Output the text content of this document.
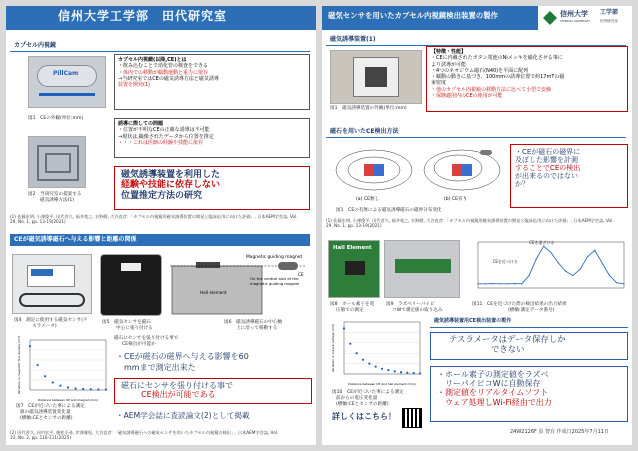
信州大学工学部　田代研究室
カプセル内視鏡
PillCam
図1　CEの外観(単位:mm)
カプセル内視鏡(以降,CE)とは
・飲み込むことで消化管の検査をできる
・体内での移動が蠕動運動と重力に依存
→当研究室ではCEの磁気誘導方法と磁気誘導
装置を開発(1)
図2　当研究室の提案する
磁気誘導方法(1)
誘導に際しての問題
・位置が不明なCEの正確な誘導は不可能
→現状は,撮像されたデータから位置を推定
・・・これは医師の経験や技能に依存
磁気誘導装置を利用した
経験や技能に依存しない
位置推定方法の研究
(1) 佐藤宏明, 小澤俊平, 田代晋久, 福井竜之, 水野健, 大谷直彦：「カプセル内視鏡用磁気誘導装置の開発と臨床応用に向けた評価」, 日本AEM学会誌, Vol.
29, No. 1, pp. 13-19(2021)
CEが磁気誘導磁石へ与える影響と距離の関係
図4　測定に使用する磁気センサ(テ
スラメータ)
図5　磁気センサを磁石
中心に張り付ける
Magnetic guiding magnet
On the central axis of the
magnetic guiding magnet
Hall element
CE
図6　磁気誘導磁石の中心軸
上に沿って移動する
Distance between CE and magnet (mm)
Variation in magnetic flux density (mT)
図7　CEが近づいた事による測定
値の磁気誘導装置変化量
(横軸:CEとセンサの距離)
磁石にセンサを張り付ける事で
CE検出が可能か
・CEが磁石の磁界へ与える影響を60
mmまで測定出来た
磁石にセンサを張り付ける事で
CE検出が可能である
・AEM学会誌に査読論文(2)として掲載
(2) 田代晋久, 河内宏平, 植松千尋, 岸澤雅紀, 大谷直彦：「磁気誘導磁石への磁気センサを用いたカプセル内視鏡の検出」, 日本AEM学会誌, Vol.
33, No. 2, pp. 116-111(2025)
磁気センサを用いたカプセル内視鏡検出装置の製作	信州大学
SHINSHU UNIVERSITY
工学部
信州研究室
磁気誘導装置(1)
図1　磁気誘導装置の外観(単位:mm)
【特徴・性能】
・CEに内蔵されたボタン電池のNiメッキを磁化させる事に
より誘導が可能
・4つのネオジウム磁石(N40)を平面に配列
・蠕動の動きに基づき、100mmの誘導位置で約17mTの磁
束密度
・他のカプセル内視鏡の移動方法に比べて小型で安価
・保険適用内のCEの使用が可能
磁石を用いたCE検出方法
(a) CE無し	(b) CE有り
図1　CEの有無による磁気誘導磁石の磁界分布変化
・CEが磁石の磁界に
及ぼした影響を計測
することでCEの検出
が出来るのではない
か？
(1) 佐藤宏明, 小澤俊平, 田代晋久, 福井竜之, 水野健, 大谷直彦：「カプセル内視鏡用磁気誘導装置の開発と臨床応用に向けた評価」, 日本AEM学会誌, Vol.
29, No. 1, pp. 13-19(2021)
Hall Element
図8　ホール素子を電
圧値での測定
図9　ラズベリーパイピ
コWで測定値の取り込み
CEを近づける
CEを遠ざける
図11　CEを近づけた際の検出結果の出力結果
(横軸:測定データ番号)
Distance between CE and hall element (mm)
Variation in output voltage (mV)
図10　CEが近づいた事による測定
前からの電圧変化量
(横軸:CEとセンサの距離)
詳しくはこちら！
磁気誘導装置用CE検出装置の製作
テスラメータはデータ保存しか
できない
・ホール素子の測定値をラズベ
リーパイピコWに自動保存
・測定値をリアルタイムソフト
ウェア処理しWi-Fi経由で出力
24W2126F 原 智有 作成日2025年7月11日
